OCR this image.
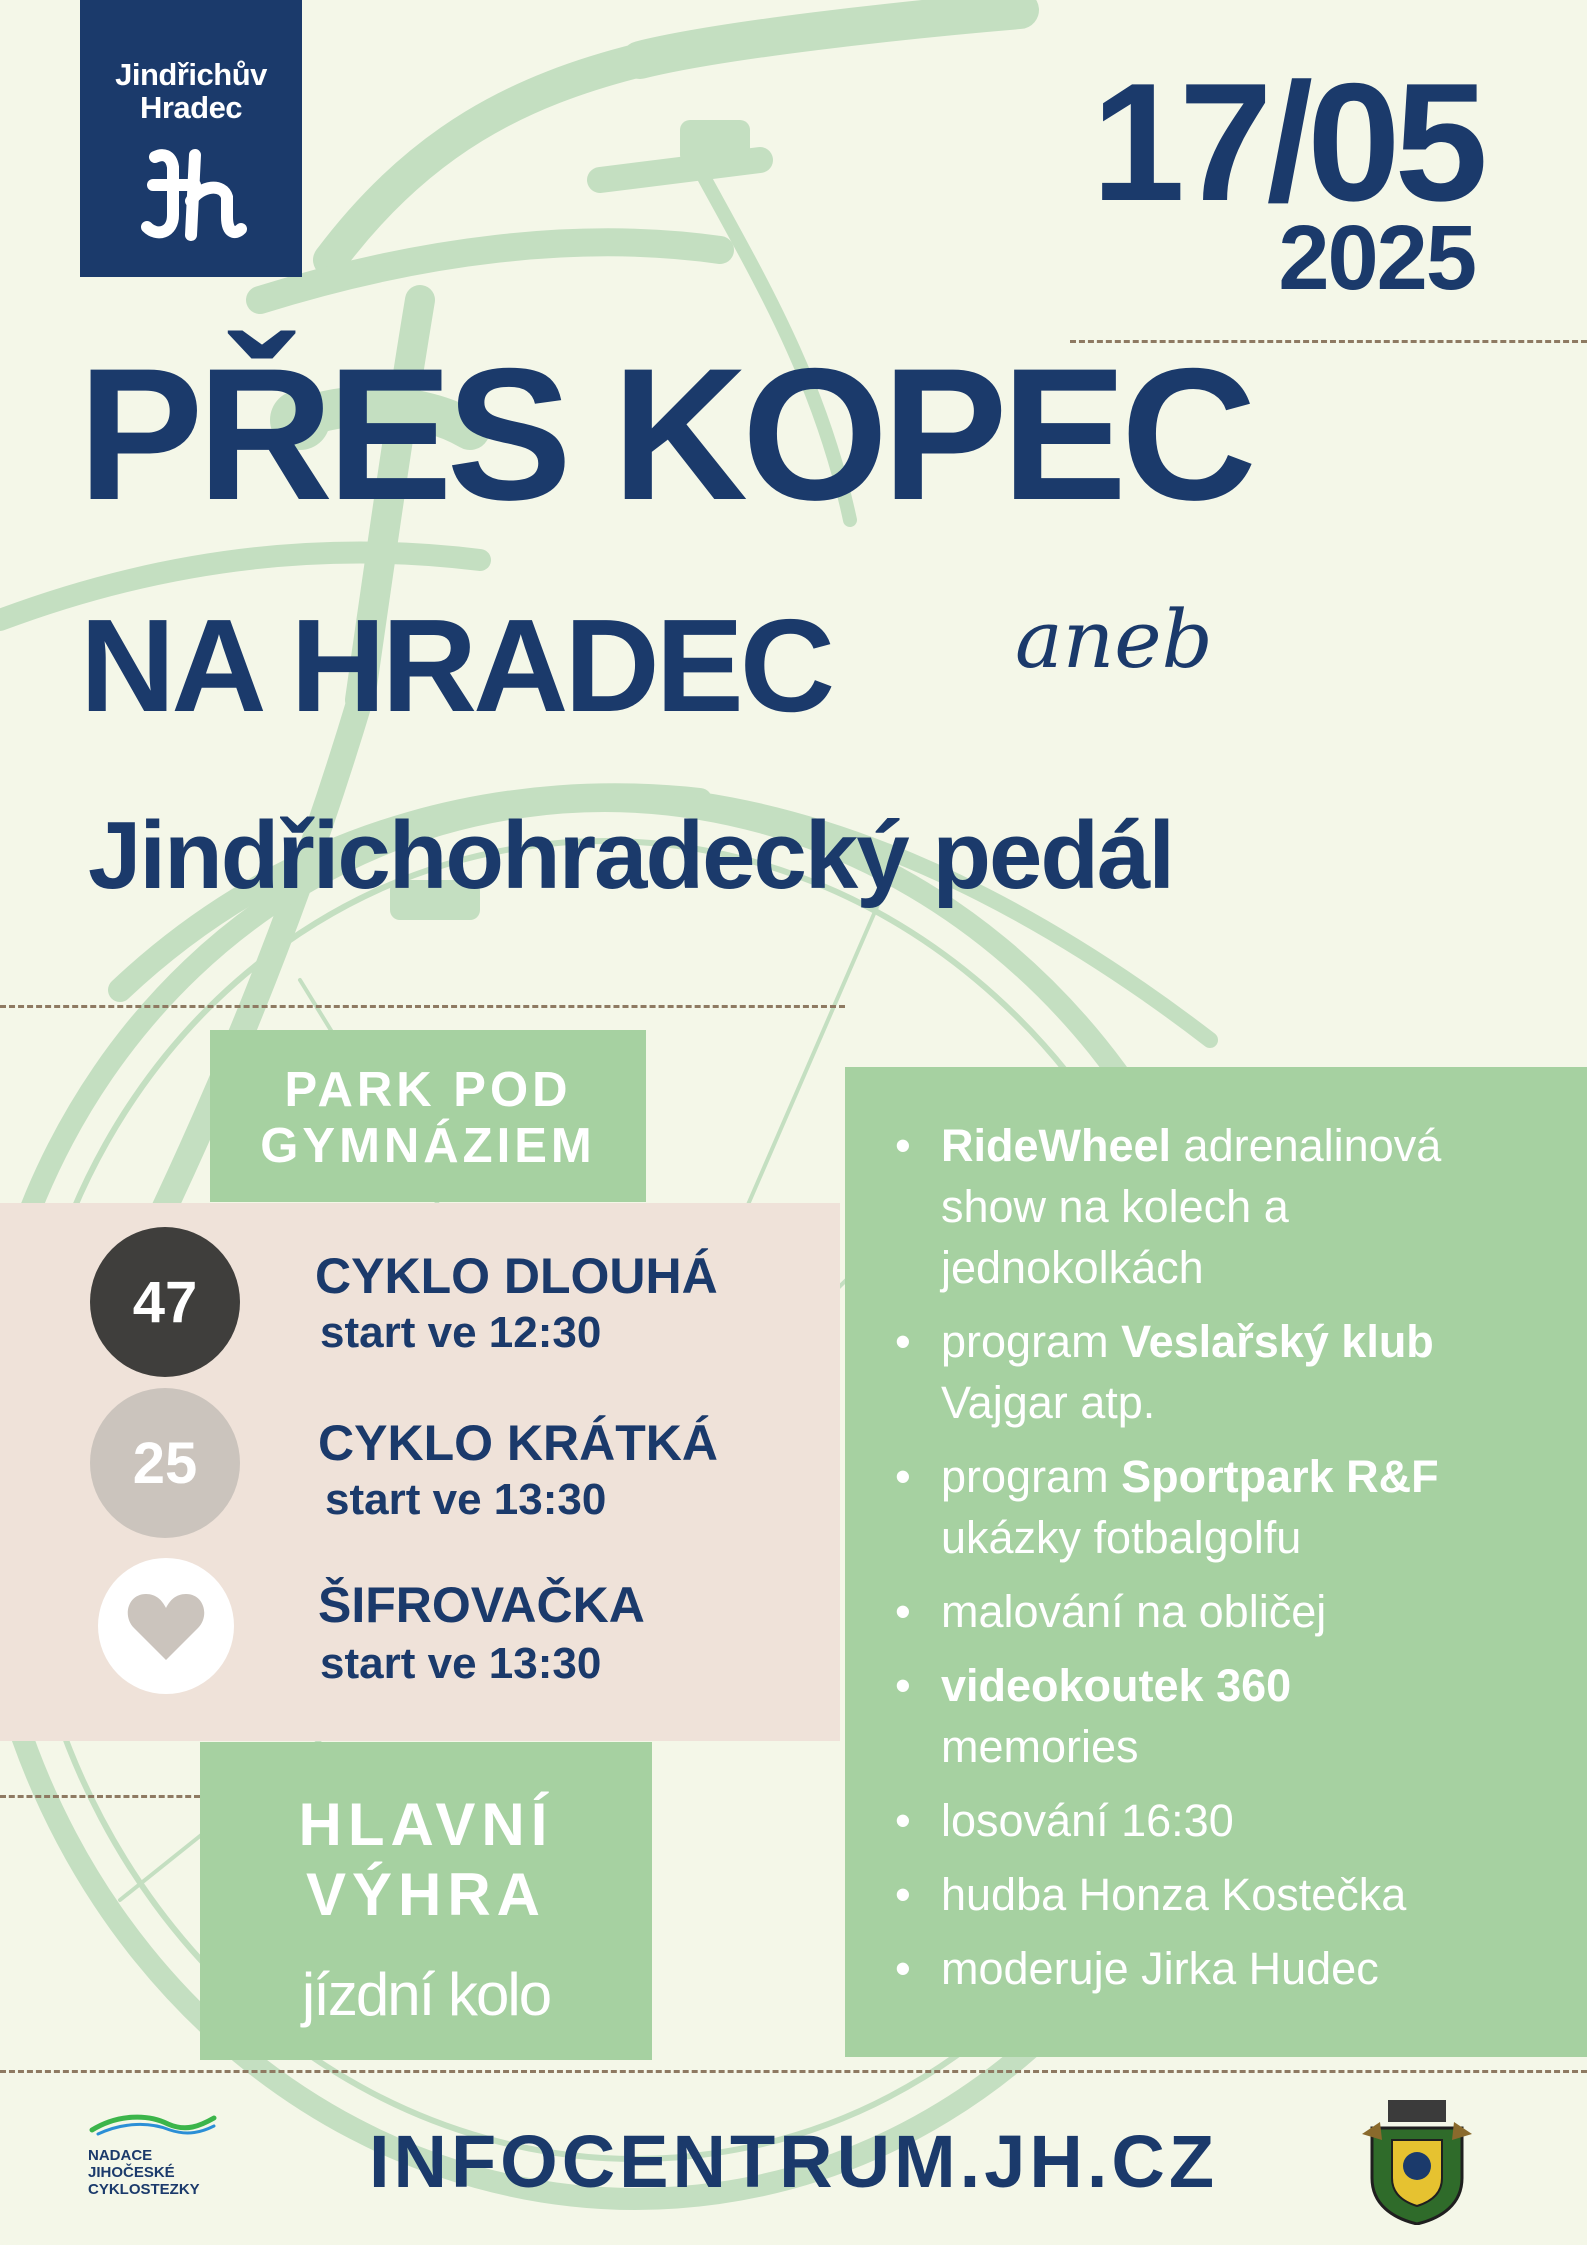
Jindřichův
Hradec	17/05
2025
PŘES KOPEC
NA HRADEC aneb
Jindřichohradecký pedál
PARK POD
GYMNÁZIEM
47	CYKLO DLOUHÁ
start ve 12:30
25	CYKLO KRÁTKÁ
start ve 13:30
ŠIFROVAČKA
start ve 13:30
HLAVNÍ
VÝHRA
jízdní kolo
• RideWheel adrenalinová
show na kolech a
jednokolkách
• program Veslařský klub
Vajgar atp.
• program Sportpark R&F
ukázky fotbalgolfu
• malování na obličej
• videokoutek 360
memories
• losování 16:30
• hudba Honza Kostečka
• moderuje Jirka Hudec
NADACE
JIHOČESKÉ
CYKLOSTEZKY	INFOCENTRUM.JH.CZ
